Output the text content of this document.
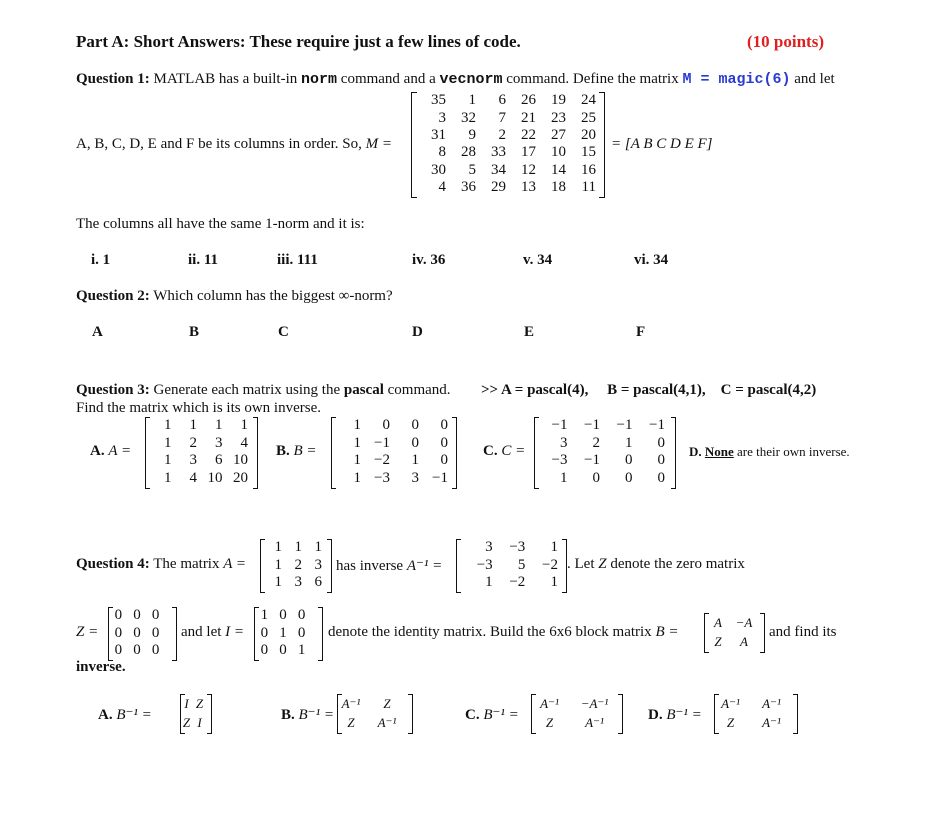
Part A: Short Answers: These require just a few lines of code.	(10 points)
Question 1: MATLAB has a built-in norm command and a vecnorm command. Define the matrix M = magic(6) and let
A, B, C, D, E and F be its columns in order. So, M =
35	1	6	26	19	24
3	32	7	21	23	25
31	9	2	22	27	20
8	28	33	17	10	15
30	5	34	12	14	16
4	36	29	13	18	11
= [A B C D E F]
The columns all have the same 1-norm and it is:
i. 1	ii. 11	iii. 111	iv. 36	v. 34	vi. 34
Question 2: Which column has the biggest ∞-norm?
A	B	C	D	E	F
Question 3: Generate each matrix using the pascal command. >> A = pascal(4),     B = pascal(4,1),    C = pascal(4,2)
Find the matrix which is its own inverse.
A. A =
1	1	1	1
1	2	3	4
1	3	6 10
1	4 10 20
B. B =
1	0	0	0
1 −1	0	0
1 −2	1	0
1 −3	3 −1
C. C =
−1	−1	−1	−1
3	2	1	0
−3	−1	0	0
1	0	0	0
D. None are their own inverse.
Question 4: The matrix A =
1 1 1
1 2 3
1 3 6
has inverse A⁻¹ =
3	−3	1
−3	5	−2
1	−2	1
. Let Z denote the zero matrix
Z =
0 0 0
0 0 0
0 0 0
and let I =
1 0 0
0 1 0
0 0 1
denote the identity matrix. Build the 6x6 block matrix B =
A	−A
Z	A
and find its
inverse.
A. B⁻¹ =
I Z
Z I	B. B⁻¹ =
A⁻¹	Z
Z	A⁻¹	C. B⁻¹ =
A⁻¹	−A⁻¹
Z	A⁻¹	D. B⁻¹ =
A⁻¹	A⁻¹
Z	A⁻¹
